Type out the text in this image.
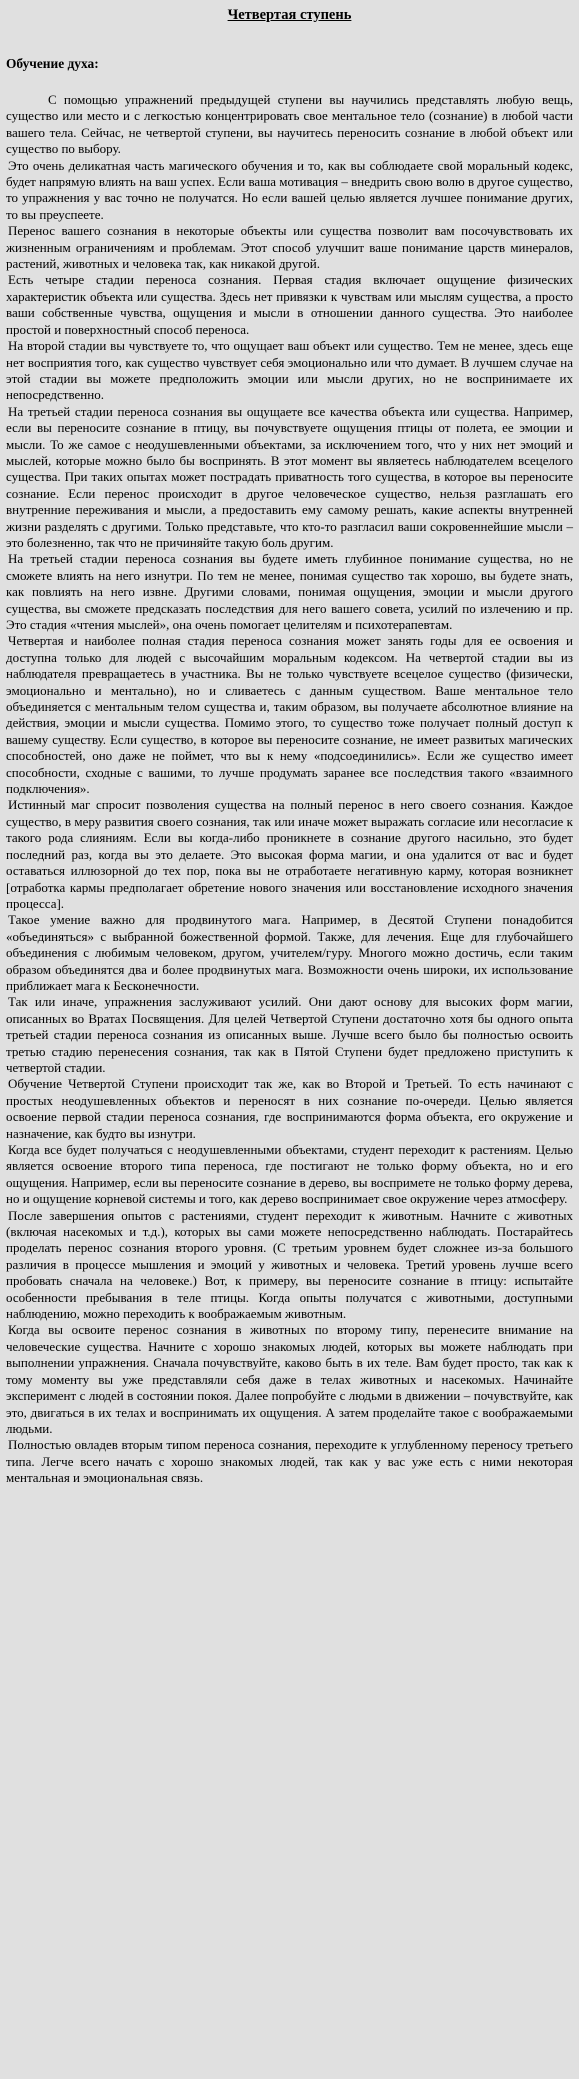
Четвертая ступень
Обучение духа:

С помощью упражнений предыдущей ступени вы научились представлять любую вещь, существо или место и с легкостью концентрировать свое ментальное тело (сознание) в любой части вашего тела. Сейчас, не четвертой ступени, вы научитесь переносить сознание в любой объект или существо по выбору.

Это очень деликатная часть магического обучения и то, как вы соблюдаете свой моральный кодекс, будет напрямую влиять на ваш успех. Если ваша мотивация – внедрить свою волю в другое существо, то упражнения у вас точно не получатся. Но если вашей целью является лучшее понимание других, то вы преуспеете.

Перенос вашего сознания в некоторые объекты или существа позволит вам посочувствовать их жизненным ограничениям и проблемам. Этот способ улучшит ваше понимание царств минералов, растений, животных и человека так, как никакой другой.

Есть четыре стадии переноса сознания. Первая стадия включает ощущение физических характеристик объекта или существа. Здесь нет привязки к чувствам или мыслям существа, а просто ваши собственные чувства, ощущения и мысли в отношении данного существа. Это наиболее простой и поверхностный способ переноса.

На второй стадии вы чувствуете то, что ощущает ваш объект или существо. Тем не менее, здесь еще нет восприятия того, как существо чувствует себя эмоционально или что думает. В лучшем случае на этой стадии вы можете предположить эмоции или мысли других, но не воспринимаете их непосредственно.

На третьей стадии переноса сознания вы ощущаете все качества объекта или существа. Например, если вы переносите сознание в птицу, вы почувствуете ощущения птицы от полета, ее эмоции и мысли. То же самое с неодушевленными объектами, за исключением того, что у них нет эмоций и мыслей, которые можно было бы воспринять. В этот момент вы являетесь наблюдателем всецелого существа. При таких опытах может пострадать приватность того существа, в которое вы переносите сознание. Если перенос происходит в другое человеческое существо, нельзя разглашать его внутренние переживания и мысли, а предоставить ему самому решать, какие аспекты внутренней жизни разделять с другими. Только представьте, что кто-то разгласил ваши сокровеннейшие мысли – это болезненно, так что не причиняйте такую боль другим.

На третьей стадии переноса сознания вы будете иметь глубинное понимание существа, но не сможете влиять на него изнутри. По тем не менее, понимая существо так хорошо, вы будете знать, как повлиять на него извне. Другими словами, понимая ощущения, эмоции и мысли другого существа, вы сможете предсказать последствия для него вашего совета, усилий по излечению и пр. Это стадия «чтения мыслей», она очень помогает целителям и психотерапевтам.

Четвертая и наиболее полная стадия переноса сознания может занять годы для ее освоения и доступна только для людей с высочайшим моральным кодексом. На четвертой стадии вы из наблюдателя превращаетесь в участника. Вы не только чувствуете всецелое существо (физически, эмоционально и ментально), но и сливаетесь с данным существом. Ваше ментальное тело объединяется с ментальным телом существа и, таким образом, вы получаете абсолютное влияние на действия, эмоции и мысли существа. Помимо этого, то существо тоже получает полный доступ к вашему существу. Если существо, в которое вы переносите сознание, не имеет развитых магических способностей, оно даже не поймет, что вы к нему «подсоединились». Если же существо имеет способности, сходные с вашими, то лучше продумать заранее все последствия такого «взаимного подключения».

Истинный маг спросит позволения существа на полный перенос в него своего сознания. Каждое существо, в меру развития своего сознания, так или иначе может выражать согласие или несогласие к такого рода слияниям. Если вы когда-либо проникнете в сознание другого насильно, это будет последний раз, когда вы это делаете. Это высокая форма магии, и она удалится от вас и будет оставаться иллюзорной до тех пор, пока вы не отработаете негативную карму, которая возникнет [отработка кармы предполагает обретение нового значения или восстановление исходного значения процесса].

Такое умение важно для продвинутого мага. Например, в Десятой Ступени понадобится «объединяться» с выбранной божественной формой. Также, для лечения. Еще для глубочайшего объединения с любимым человеком, другом, учителем/гуру. Многого можно достичь, если таким образом объединятся два и более продвинутых мага. Возможности очень широки, их использование приближает мага к Бесконечности.

Так или иначе, упражнения заслуживают усилий. Они дают основу для высоких форм магии, описанных во Вратах Посвящения. Для целей Четвертой Ступени достаточно хотя бы одного опыта третьей стадии переноса сознания из описанных выше. Лучше всего было бы полностью освоить третью стадию перенесения сознания, так как в Пятой Ступени будет предложено приступить к четвертой стадии.

Обучение Четвертой Ступени происходит так же, как во Второй и Третьей. То есть начинают с простых неодушевленных объектов и переносят в них сознание по-очереди. Целью является освоение первой стадии переноса сознания, где воспринимаются форма объекта, его окружение и назначение, как будто вы изнутри.

Когда все будет получаться с неодушевленными объектами, студент переходит к растениям. Целью является освоение второго типа переноса, где постигают не только форму объекта, но и его ощущения. Например, если вы переносите сознание в дерево, вы воспримете не только форму дерева, но и ощущение корневой системы и того, как дерево воспринимает свое окружение через атмосферу.

После завершения опытов с растениями, студент переходит к животным. Начните с животных (включая насекомых и т.д.), которых вы сами можете непосредственно наблюдать. Постарайтесь проделать перенос сознания второго уровня. (С третьим уровнем будет сложнее из-за большого различия в процессе мышления и эмоций у животных и человека. Третий уровень лучше всего пробовать сначала на человеке.) Вот, к примеру, вы переносите сознание в птицу: испытайте особенности пребывания в теле птицы. Когда опыты получатся с животными, доступными наблюдению, можно переходить к воображаемым животным.

Когда вы освоите перенос сознания в животных по второму типу, перенесите внимание на человеческие существа. Начните с хорошо знакомых людей, которых вы можете наблюдать при выполнении упражнения. Сначала почувствуйте, каково быть в их теле. Вам будет просто, так как к тому моменту вы уже представляли себя даже в телах животных и насекомых. Начинайте эксперимент с людей в состоянии покоя. Далее попробуйте с людьми в движении – почувствуйте, как это, двигаться в их телах и воспринимать их ощущения. А затем проделайте такое с воображаемыми людьми.

Полностью овладев вторым типом переноса сознания, переходите к углубленному переносу третьего типа. Легче всего начать с хорошо знакомых людей, так как у вас уже есть с ними некоторая ментальная и эмоциональная связь.
